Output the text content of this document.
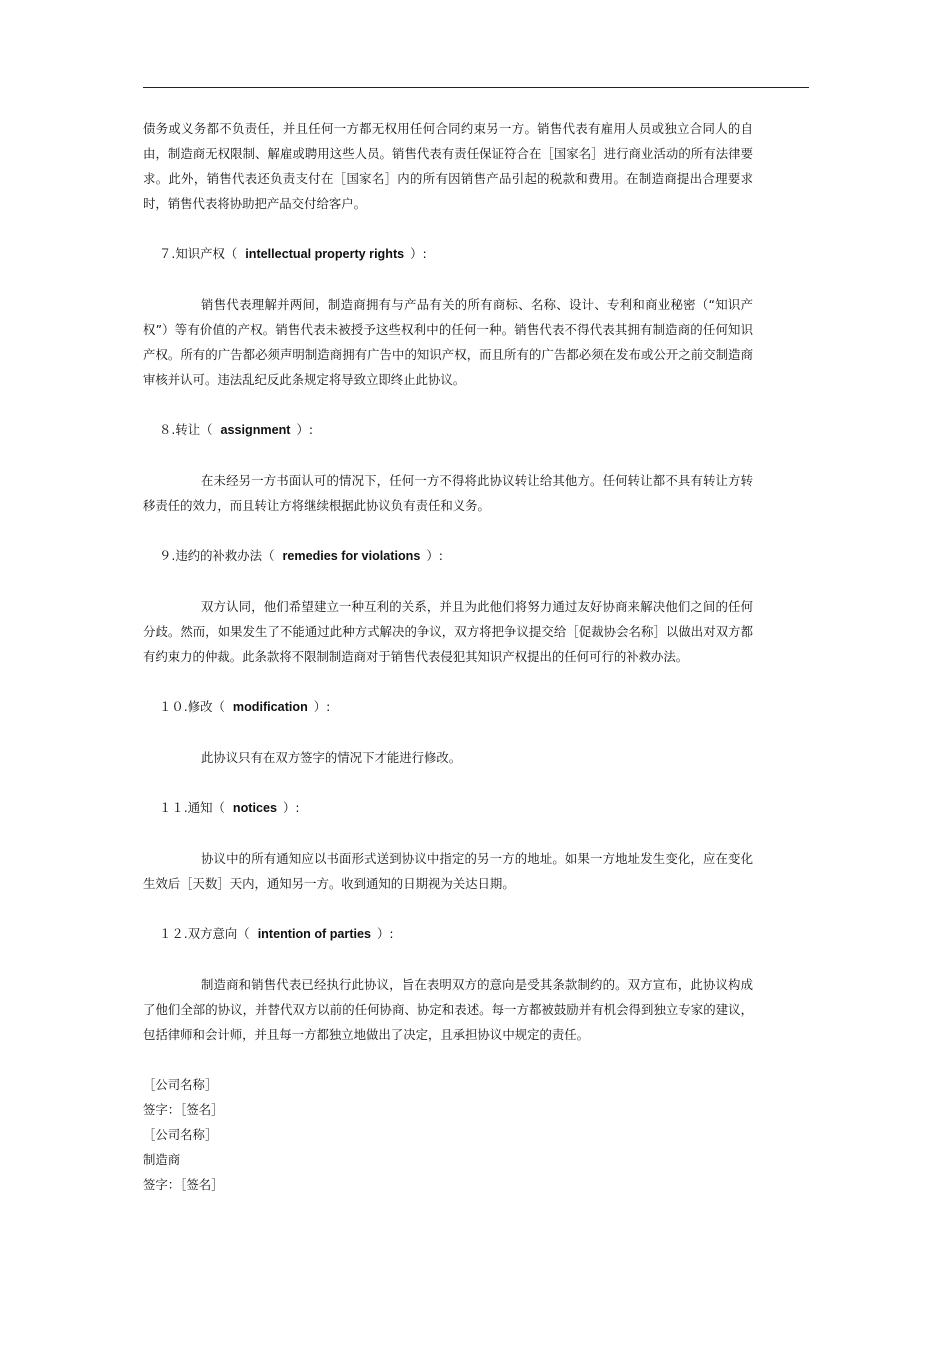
债务或义务都不负责任，并且任何一方都无权用任何合同约束另一方。销售代表有雇用人员或独立合同人的自由，制造商无权限制、解雇或聘用这些人员。销售代表有责任保证符合在［国家名］进行商业活动的所有法律要求。此外，销售代表还负责支付在［国家名］内的所有因销售产品引起的税款和费用。在制造商提出合理要求时，销售代表将协助把产品交付给客户。

７.知识产权（ intellectual property rights ）:

销售代表理解并两间，制造商拥有与产品有关的所有商标、名称、设计、专利和商业秘密（“知识产权”）等有价值的产权。销售代表未被授予这些权利中的任何一种。销售代表不得代表其拥有制造商的任何知识产权。所有的广告都必须声明制造商拥有广告中的知识产权，而且所有的广告都必须在发布或公开之前交制造商审核并认可。违法乱纪反此条规定将导致立即终止此协议。

８.转让（ assignment ）:

在未经另一方书面认可的情况下，任何一方不得将此协议转让给其他方。任何转让都不具有转让方转移责任的效力，而且转让方将继续根据此协议负有责任和义务。

９.违约的补救办法（ remedies for violations ）:

双方认同，他们希望建立一种互利的关系，并且为此他们将努力通过友好协商来解决他们之间的任何分歧。然而，如果发生了不能通过此种方式解决的争议，双方将把争议提交给［促裁协会名称］以做出对双方都有约束力的仲裁。此条款将不限制制造商对于销售代表侵犯其知识产权提出的任何可行的补救办法。

１０.修改（ modification ）:

此协议只有在双方签字的情况下才能进行修改。

１１.通知（ notices ）:

协议中的所有通知应以书面形式送到协议中指定的另一方的地址。如果一方地址发生变化，应在变化生效后［天数］天内，通知另一方。收到通知的日期视为关达日期。

１２.双方意向（ intention of parties ）:

制造商和销售代表已经执行此协议，旨在表明双方的意向是受其条款制约的。双方宣布，此协议构成了他们全部的协议，并替代双方以前的任何协商、协定和表述。每一方都被鼓励并有机会得到独立专家的建议，包括律师和会计师，并且每一方都独立地做出了决定，且承担协议中规定的责任。

［公司名称］

签字：［签名］

［公司名称］

制造商

签字：［签名］
